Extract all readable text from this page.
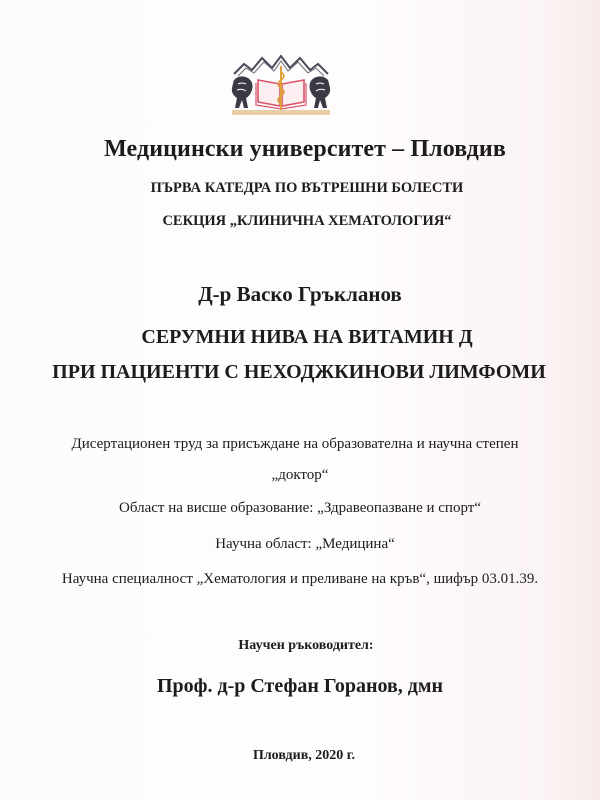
Медицински университет – Пловдив
ПЪРВА КАТЕДРА ПО ВЪТРЕШНИ БОЛЕСТИ
СЕКЦИЯ „КЛИНИЧНА ХЕМАТОЛОГИЯ“
Д-р Васко Гръкланов
СЕРУМНИ НИВА НА ВИТАМИН Д
ПРИ ПАЦИЕНТИ С НЕХОДЖКИНОВИ ЛИМФОМИ
Дисертационен труд за присъждане на образователна и научна степен
„доктор“
Област на висше образование: „Здравеопазване и спорт“
Научна област: „Медицина“
Научна специалност „Хематология и преливане на кръв“, шифър 03.01.39.
Научен ръководител:
Проф. д-р Стефан Горанов, дмн
Пловдив, 2020 г.
